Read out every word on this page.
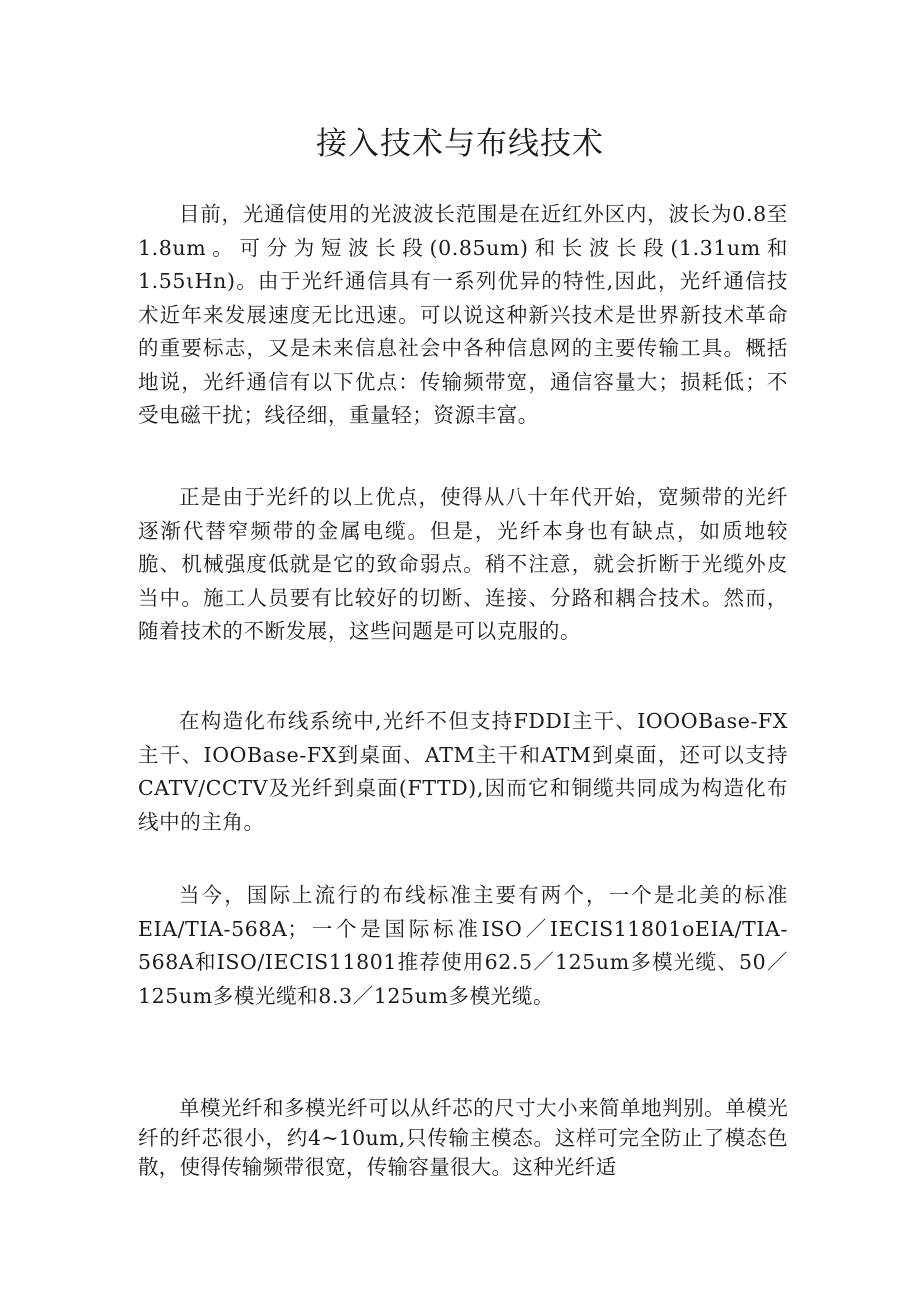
接入技术与布线技术

目前，光通信使用的光波波长范围是在近红外区内，波长为0.8至1.8um。可分为短波长段(0.85um)和长波长段(1.31um和1.55ιHn)。由于光纤通信具有一系列优异的特性,因此，光纤通信技术近年来发展速度无比迅速。可以说这种新兴技术是世界新技术革命的重要标志，又是未来信息社会中各种信息网的主要传输工具。概括地说，光纤通信有以下优点：传输频带宽，通信容量大；损耗低；不受电磁干扰；线径细，重量轻；资源丰富。

正是由于光纤的以上优点，使得从八十年代开始，宽频带的光纤逐渐代替窄频带的金属电缆。但是，光纤本身也有缺点，如质地较脆、机械强度低就是它的致命弱点。稍不注意，就会折断于光缆外皮当中。施工人员要有比较好的切断、连接、分路和耦合技术。然而，随着技术的不断发展，这些问题是可以克服的。

在构造化布线系统中,光纤不但支持FDDI主干、IOOOBase-FX主干、IOOBase-FX到桌面、ATM主干和ATM到桌面，还可以支持CATV/CCTV及光纤到桌面(FTTD),因而它和铜缆共同成为构造化布线中的主角。

当今，国际上流行的布线标准主要有两个，一个是北美的标准EIA/TIA-568A；一个是国际标准ISO／IECIS11801oEIA/TIA-568A和ISO/IECIS11801推荐使用62.5／125um多模光缆、50／125um多模光缆和8.3／125um多模光缆。

单模光纤和多模光纤可以从纤芯的尺寸大小来简单地判别。单模光纤的纤芯很小，约4~10um,只传输主模态。这样可完全防止了模态色散，使得传输频带很宽，传输容量很大。这种光纤适
